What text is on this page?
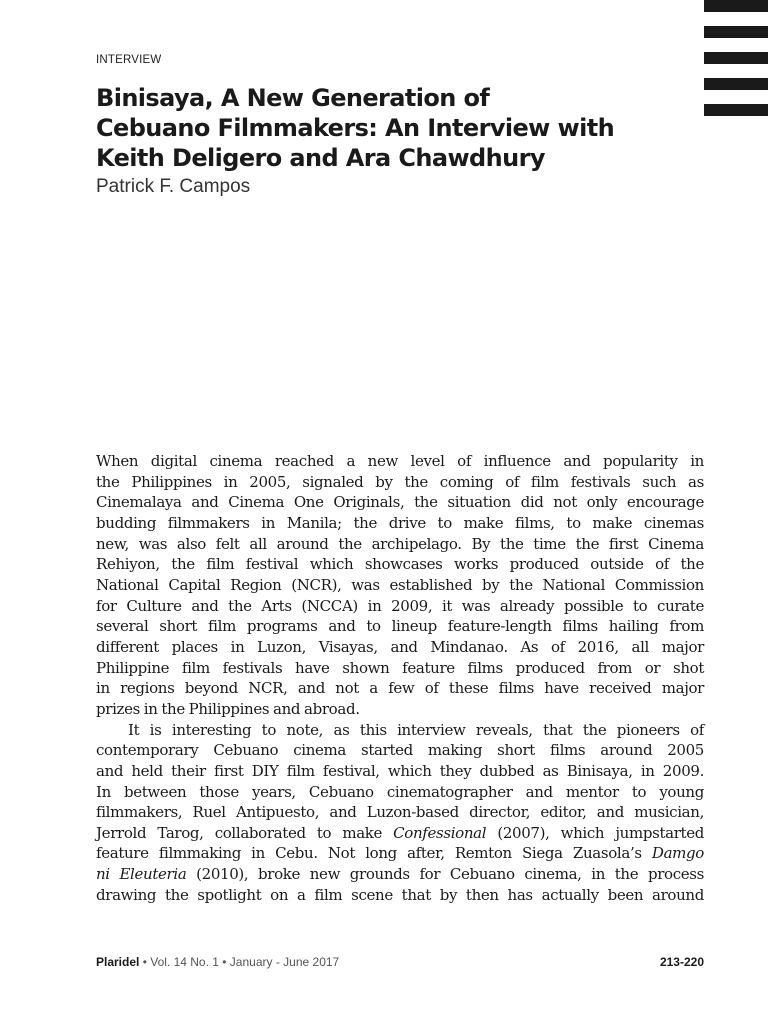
INTERVIEW
Binisaya, A New Generation of
Cebuano Filmmakers: An Interview with
Keith Deligero and Ara Chawdhury
Patrick F. Campos

When digital cinema reached a new level of influence and popularity in

the Philippines in 2005, signaled by the coming of film festivals such as

Cinemalaya and Cinema One Originals, the situation did not only encourage

budding filmmakers in Manila; the drive to make films, to make cinemas

new, was also felt all around the archipelago. By the time the first Cinema

Rehiyon, the film festival which showcases works produced outside of the

National Capital Region (NCR), was established by the National Commission

for Culture and the Arts (NCCA) in 2009, it was already possible to curate

several short film programs and to lineup feature-length films hailing from

different places in Luzon, Visayas, and Mindanao. As of 2016, all major

Philippine film festivals have shown feature films produced from or shot

in regions beyond NCR, and not a few of these films have received major

prizes in the Philippines and abroad.

It is interesting to note, as this interview reveals, that the pioneers of

contemporary Cebuano cinema started making short films around 2005

and held their first DIY film festival, which they dubbed as Binisaya, in 2009.

In between those years, Cebuano cinematographer and mentor to young

filmmakers, Ruel Antipuesto, and Luzon-based director, editor, and musician,

Jerrold Tarog, collaborated to make Confessional (2007), which jumpstarted

feature filmmaking in Cebu. Not long after, Remton Siega Zuasola’s Damgo

ni Eleuteria (2010), broke new grounds for Cebuano cinema, in the process

drawing the spotlight on a film scene that by then has actually been around

Plaridel • Vol. 14 No. 1 • January - June 2017	213-220
